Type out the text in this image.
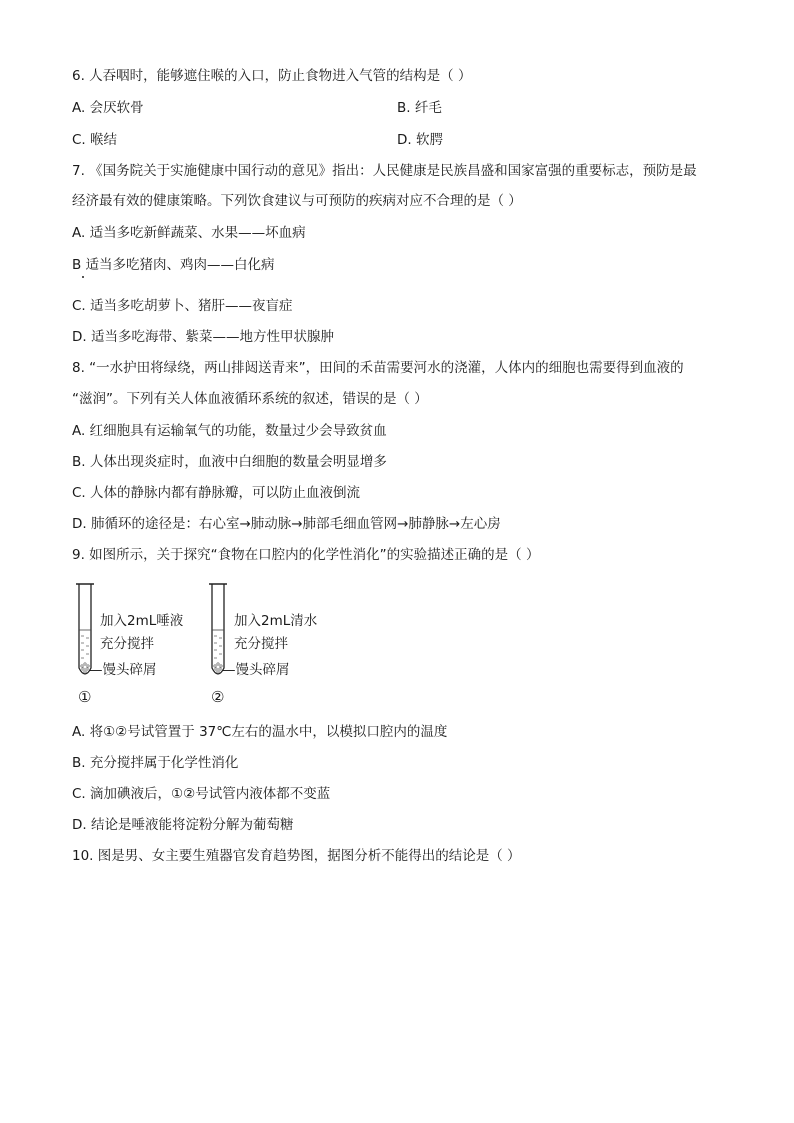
6. 人吞咽时，能够遮住喉的入口，防止食物进入气管的结构是（ ）
A. 会厌软骨	B. 纤毛
C. 喉结	D. 软腭
7. 《国务院关于实施健康中国行动的意见》指出：人民健康是民族昌盛和国家富强的重要标志，预防是最
经济最有效的健康策略。下列饮食建议与可预防的疾病对应不合理的是（ ）
A. 适当多吃新鲜蔬菜、水果——坏血病
B 适当多吃猪肉、鸡肉——白化病
C. 适当多吃胡萝卜、猪肝——夜盲症
D. 适当多吃海带、紫菜——地方性甲状腺肿
8. “一水护田将绿绕，两山排闼送青来”，田间的禾苗需要河水的浇灌，人体内的细胞也需要得到血液的
“滋润”。下列有关人体血液循环系统的叙述，错误的是（ ）
A. 红细胞具有运输氧气的功能，数量过少会导致贫血
B. 人体出现炎症时，血液中白细胞的数量会明显增多
C. 人体的静脉内都有静脉瓣，可以防止血液倒流
D. 肺循环的途径是：右心室→肺动脉→肺部毛细血管网→肺静脉→左心房
9. 如图所示，关于探究“食物在口腔内的化学性消化”的实验描述正确的是（ ）
加入2mL唾液
充分搅拌
—馒头碎屑
①
加入2mL清水
充分搅拌
—馒头碎屑
②
A. 将①②号试管置于 37℃左右的温水中，以模拟口腔内的温度
B. 充分搅拌属于化学性消化
C. 滴加碘液后，①②号试管内液体都不变蓝
D. 结论是唾液能将淀粉分解为葡萄糖
10. 图是男、女主要生殖器官发育趋势图，据图分析不能得出的结论是（ ）
